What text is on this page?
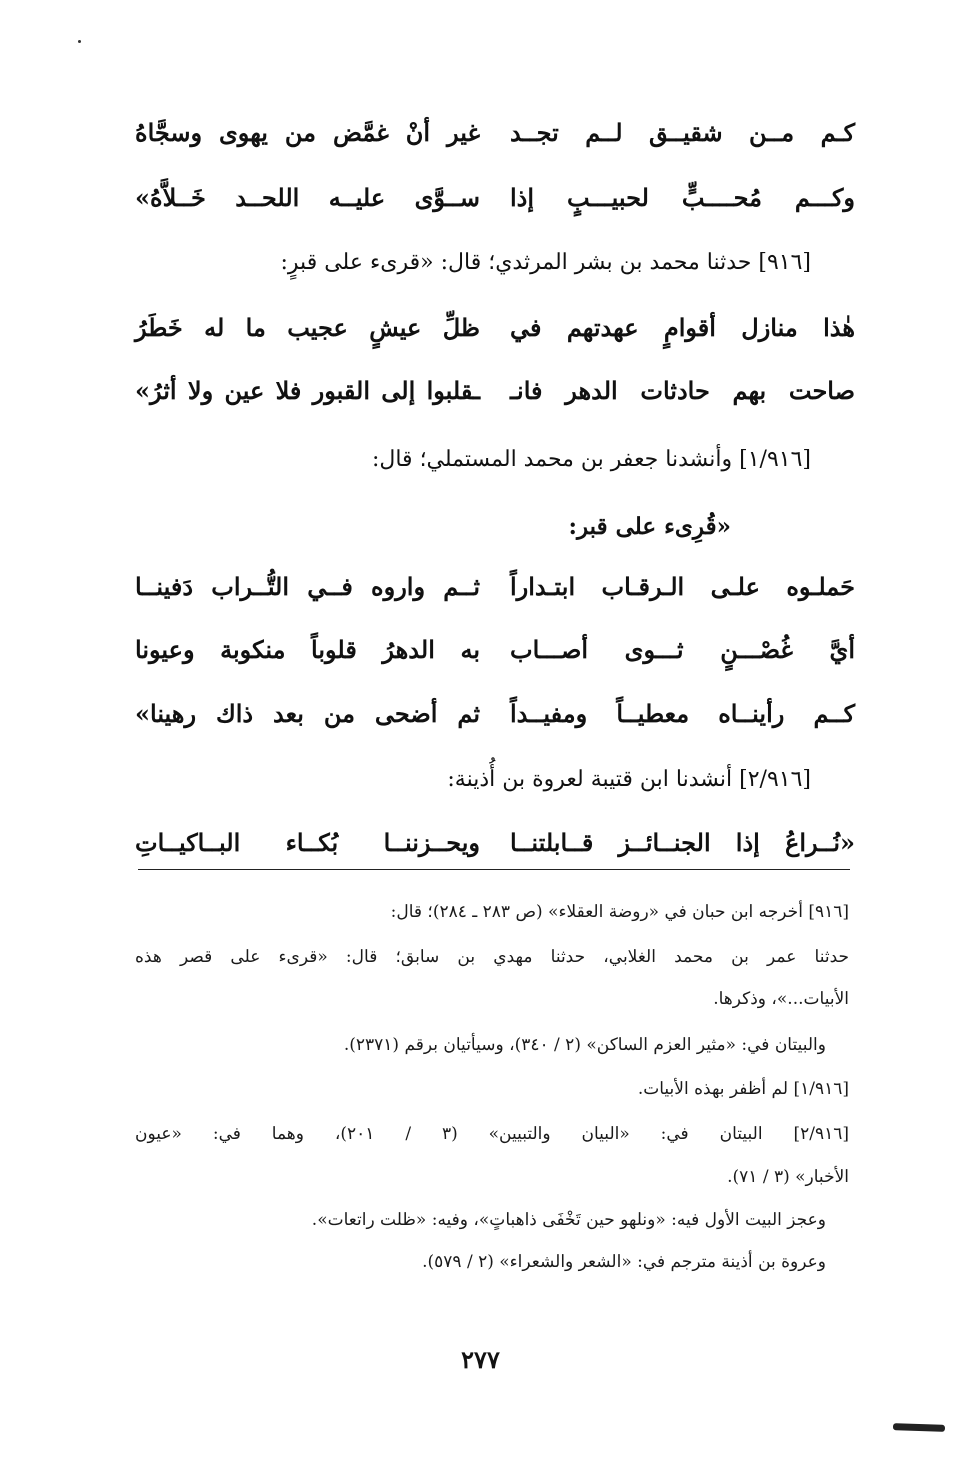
كـم مــن شقيــق لــم تجــد
غير أنْ غمَّض من يهوى وسجَّاهُ
وكـــم مُحــــبٍّ لحبيـــبٍ إذا
ســوَّى عليــه اللحــد خَــلاَّهُ»
[٩١٦] حدثنا محمد بن بشر المرثدي؛ قال: «قرىء على قبرٍ:
هٰذا منازل أقوامٍ عهدتهم في
ظلِّ عيشٍ عجيب ما له خَطَرُ
صاحت بهم حادثات الدهر فانـ
ـقلبوا إلى القبور فلا عين ولا أثرُ»
[١/٩١٦] وأنشدنا جعفر بن محمد المستملي؛ قال:
«قُرِىء على قبر:
حَملـوه علـى الـرقـاب ابتـداراً
ثــم واروه فــي التُّــراب دَفينــا
أيَّ غُصْـــنٍ ثـــوى أصـــاب
به الدهرُ قلوباً منكوبة وعيونا
كــم رأينــاه معطيــاً ومفيــداً
ثم أضحى من بعد ذاك رهينا»
[٢/٩١٦] أنشدنا ابن قتيبة لعروة بن أُذينة:
«نُــراعُ إذا الجنــائــز قــابلتنــا
ويحــزننــا بُكــاء البــاكيــاتِ
[٩١٦] أخرجه ابن حبان في «روضة العقلاء» (ص ٢٨٣ ـ ٢٨٤)؛ قال:
حدثنا عمر بن محمد الغلابي، حدثنا مهدي بن سابق؛ قال: «قرىء على قصر هذه
الأبيات...»، وذكرها.
والبيتان في: «مثير العزم الساكن» (٢ / ٣٤٠)، وسيأتيان برقم (٢٣٧١).
[١/٩١٦] لم أظفر بهذه الأبيات.
[٢/٩١٦] البيتان في: «البيان والتبيين» (٣ / ٢٠١)، وهما في: «عيون
الأخبار» (٣ / ٧١).
وعجز البيت الأول فيه: «ونلهو حين تَخْفَى ذاهباتٍ»، وفيه: «ظلت راتعات».
وعروة بن أذينة مترجم في: «الشعر والشعراء» (٢ / ٥٧٩).
٢٧٧
